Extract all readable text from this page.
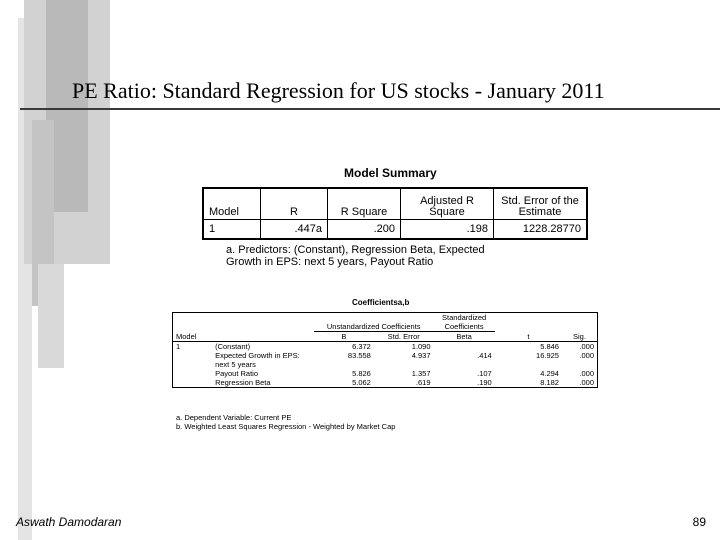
PE Ratio: Standard Regression for US stocks - January 2011
Model Summary
Model	R	R Square	Adjusted R Square	Std. Error of the Estimate
1	.447a	.200	.198	1228.28770
a. Predictors: (Constant), Regression Beta, Expected
Growth in EPS: next 5 years, Payout Ratio
Coefficientsa,b
		Unstandardized Coefficients		Standardized Coefficients		
Model		B	Std. Error	Beta	t	Sig.
1	(Constant)	6.372	1.090		5.846	.000
	Expected Growth in EPS: next 5 years	83.558	4.937	.414	16.925	.000
	Payout Ratio	5.826	1.357	.107	4.294	.000
	Regression Beta	5.062	.619	.190	8.182	.000
a. Dependent Variable: Current PE
b. Weighted Least Squares Regression - Weighted by Market Cap
Aswath Damodaran	89
